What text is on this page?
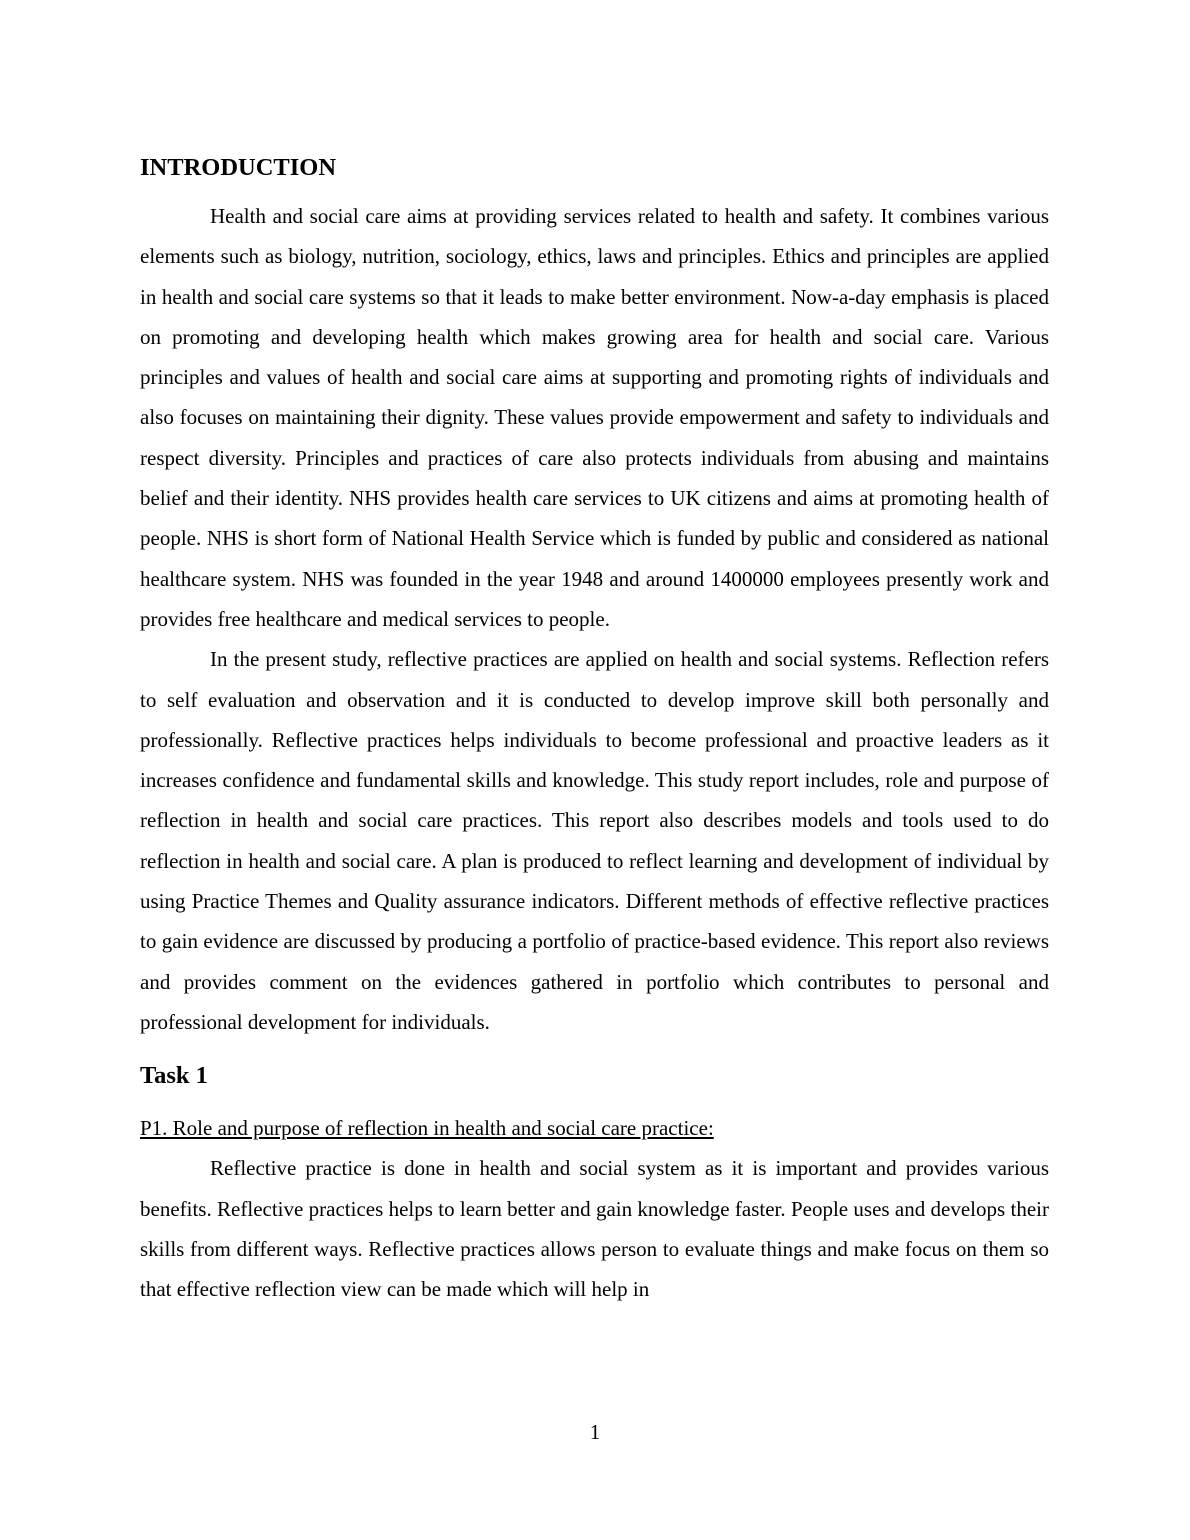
INTRODUCTION

Health and social care aims at providing services related to health and safety. It combines various elements such as biology, nutrition, sociology, ethics, laws and principles. Ethics and principles are applied in health and social care systems so that it leads to make better environment. Now-a-day emphasis is placed on promoting and developing health which makes growing area for health and social care. Various principles and values of health and social care aims at supporting and promoting rights of individuals and also focuses on maintaining their dignity. These values provide empowerment and safety to individuals and respect diversity. Principles and practices of care also protects individuals from abusing and maintains belief and their identity. NHS provides health care services to UK citizens and aims at promoting health of people. NHS is short form of National Health Service which is funded by public and considered as national healthcare system. NHS was founded in the year 1948 and around 1400000 employees presently work and provides free healthcare and medical services to people.

In the present study, reflective practices are applied on health and social systems. Reflection refers to self evaluation and observation and it is conducted to develop improve skill both personally and professionally. Reflective practices helps individuals to become professional and proactive leaders as it increases confidence and fundamental skills and knowledge. This study report includes, role and purpose of reflection in health and social care practices. This report also describes models and tools used to do reflection in health and social care. A plan is produced to reflect learning and development of individual by using Practice Themes and Quality assurance indicators. Different methods of effective reflective practices to gain evidence are discussed by producing a portfolio of practice-based evidence. This report also reviews and provides comment on the evidences gathered in portfolio which contributes to personal and professional development for individuals.

Task 1

P1. Role and purpose of reflection in health and social care practice:

Reflective practice is done in health and social system as it is important and provides various benefits. Reflective practices helps to learn better and gain knowledge faster. People uses and develops their skills from different ways. Reflective practices allows person to evaluate things and make focus on them so that effective reflection view can be made which will help in

1
